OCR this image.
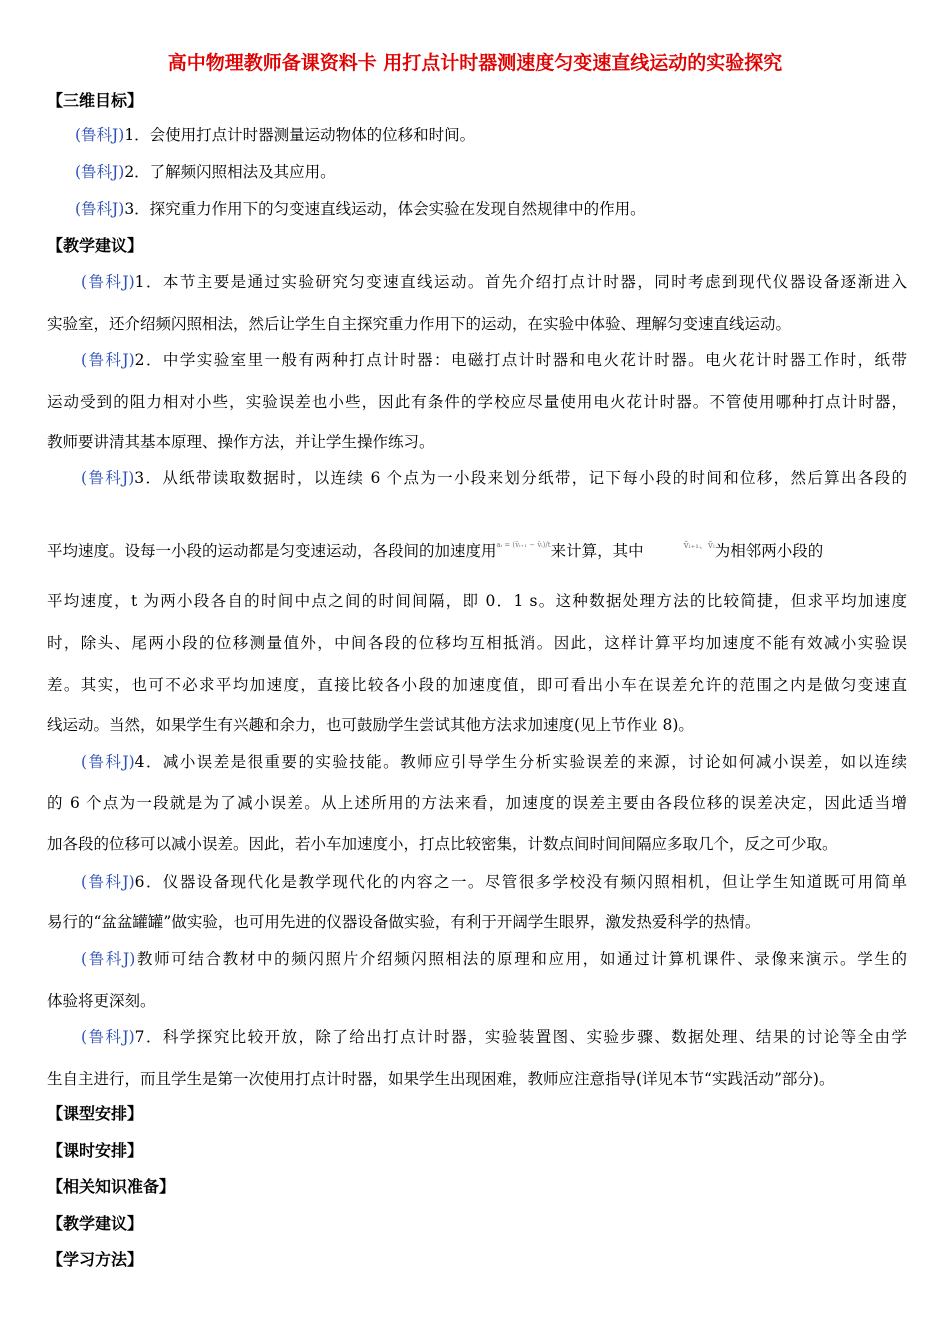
高中物理教师备课资料卡 用打点计时器测速度匀变速直线运动的实验探究
【三维目标】
(鲁科J)1．会使用打点计时器测量运动物体的位移和时间。
(鲁科J)2．了解频闪照相法及其应用。
(鲁科J)3．探究重力作用下的匀变速直线运动，体会实验在发现自然规律中的作用。
【教学建议】
(鲁科J)1．本节主要是通过实验研究匀变速直线运动。首先介绍打点计时器，同时考虑到现代仪器设备逐渐进入
实验室，还介绍频闪照相法，然后让学生自主探究重力作用下的运动，在实验中体验、理解匀变速直线运动。
(鲁科J)2．中学实验室里一般有两种打点计时器：电磁打点计时器和电火花计时器。电火花计时器工作时，纸带
运动受到的阻力相对小些，实验误差也小些，因此有条件的学校应尽量使用电火花计时器。不管使用哪种打点计时器，
教师要讲清其基本原理、操作方法，并让学生操作练习。
(鲁科J)3．从纸带读取数据时，以连续 6 个点为一小段来划分纸带，记下每小段的时间和位移，然后算出各段的
平均速度。设每一小段的运动都是匀变速运动，各段间的加速度用aᵢ = (v̄ᵢ₊₁ − v̄ᵢ)/t来计算，其中	v̄ᵢ₊₁、v̄ᵢ为相邻两小段的
平均速度，t 为两小段各自的时间中点之间的时间间隔，即 0．1 s。这种数据处理方法的比较简捷，但求平均加速度
时，除头、尾两小段的位移测量值外，中间各段的位移均互相抵消。因此，这样计算平均加速度不能有效减小实验误
差。其实，也可不必求平均加速度，直接比较各小段的加速度值，即可看出小车在误差允许的范围之内是做匀变速直
线运动。当然，如果学生有兴趣和余力，也可鼓励学生尝试其他方法求加速度(见上节作业 8)。
(鲁科J)4．减小误差是很重要的实验技能。教师应引导学生分析实验误差的来源，讨论如何减小误差，如以连续
的 6 个点为一段就是为了减小误差。从上述所用的方法来看，加速度的误差主要由各段位移的误差决定，因此适当增
加各段的位移可以减小误差。因此，若小车加速度小，打点比较密集，计数点间时间间隔应多取几个，反之可少取。
(鲁科J)6．仪器设备现代化是教学现代化的内容之一。尽管很多学校没有频闪照相机，但让学生知道既可用简单
易行的“盆盆罐罐”做实验，也可用先进的仪器设备做实验，有利于开阔学生眼界，激发热爱科学的热情。
(鲁科J)教师可结合教材中的频闪照片介绍频闪照相法的原理和应用，如通过计算机课件、录像来演示。学生的
体验将更深刻。
(鲁科J)7．科学探究比较开放，除了给出打点计时器，实验装置图、实验步骤、数据处理、结果的讨论等全由学
生自主进行，而且学生是第一次使用打点计时器，如果学生出现困难，教师应注意指导(详见本节“实践活动”部分)。
【课型安排】
【课时安排】
【相关知识准备】
【教学建议】
【学习方法】
